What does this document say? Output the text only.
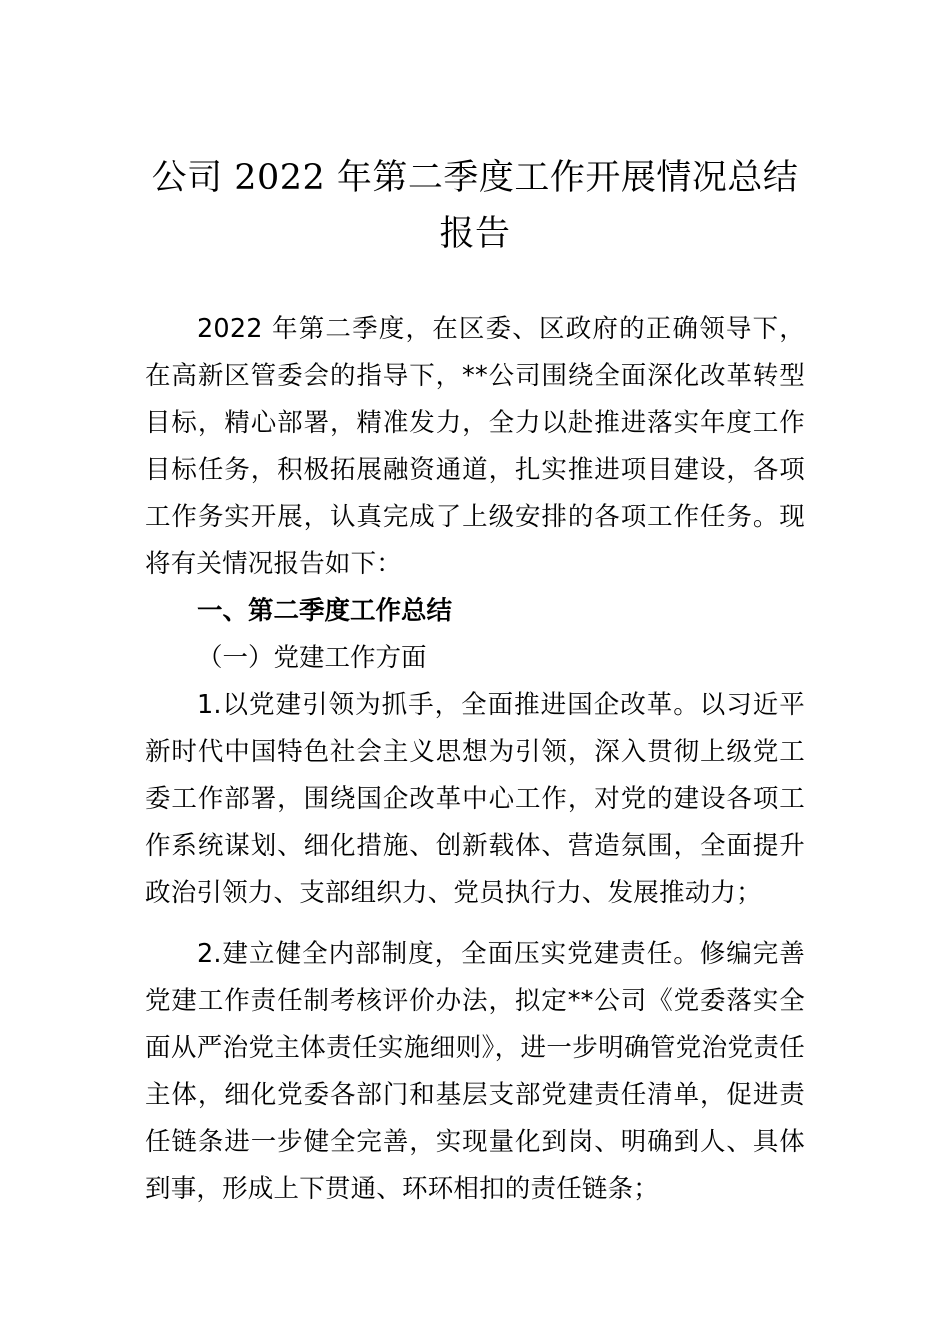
公司 2022 年第二季度工作开展情况总结报告

2022 年第二季度，在区委、区政府的正确领导下，在高新区管委会的指导下，**公司围绕全面深化改革转型目标，精心部署，精准发力，全力以赴推进落实年度工作目标任务，积极拓展融资通道，扎实推进项目建设，各项工作务实开展，认真完成了上级安排的各项工作任务。现将有关情况报告如下：

一、第二季度工作总结

（一）党建工作方面

1.以党建引领为抓手，全面推进国企改革。以习近平新时代中国特色社会主义思想为引领，深入贯彻上级党工委工作部署，围绕国企改革中心工作，对党的建设各项工作系统谋划、细化措施、创新载体、营造氛围，全面提升政治引领力、支部组织力、党员执行力、发展推动力；

2.建立健全内部制度，全面压实党建责任。修编完善党建工作责任制考核评价办法，拟定**公司《党委落实全面从严治党主体责任实施细则》，进一步明确管党治党责任主体，细化党委各部门和基层支部党建责任清单，促进责任链条进一步健全完善，实现量化到岗、明确到人、具体到事，形成上下贯通、环环相扣的责任链条；
